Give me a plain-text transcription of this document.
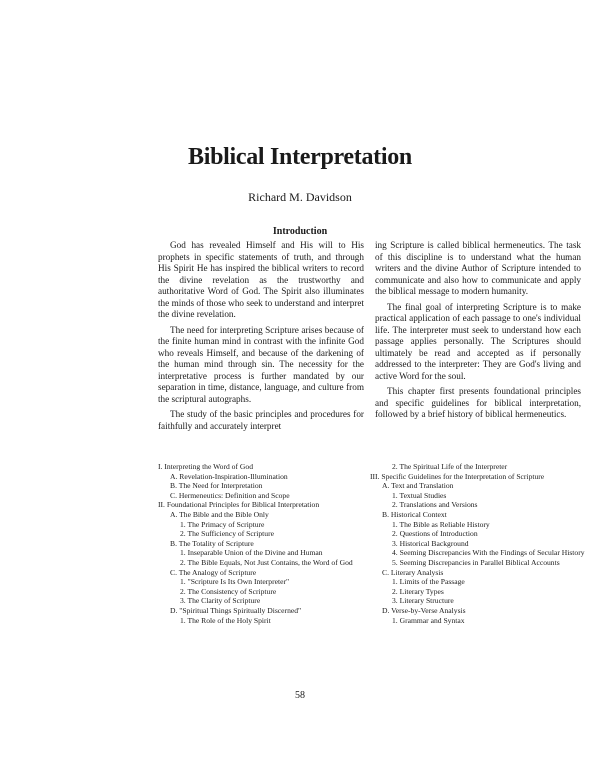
Biblical Interpretation
Richard M. Davidson
Introduction

God has revealed Himself and His will to His prophets in specific statements of truth, and through His Spirit He has inspired the biblical writers to record the divine revelation as the trustworthy and authoritative Word of God. The Spirit also illuminates the minds of those who seek to understand and interpret the divine revelation.

The need for interpreting Scripture arises because of the finite human mind in contrast with the infinite God who reveals Himself, and because of the darkening of the human mind through sin. The necessity for the interpretative process is further mandated by our separation in time, distance, language, and culture from the scriptural autographs.

The study of the basic principles and procedures for faithfully and accurately interpret

ing Scripture is called biblical hermeneutics. The task of this discipline is to understand what the human writers and the divine Author of Scripture intended to communicate and also how to communicate and apply the biblical message to modern humanity.

The final goal of interpreting Scripture is to make practical application of each passage to one's individual life. The interpreter must seek to understand how each passage applies personally. The Scriptures should ultimately be read and accepted as if personally addressed to the interpreter: They are God's living and active Word for the soul.

This chapter first presents foundational principles and specific guidelines for biblical interpretation, followed by a brief history of biblical hermeneutics.

I. Interpreting the Word of God
A. Revelation-Inspiration-Illumination
B. The Need for Interpretation
C. Hermeneutics: Definition and Scope
II. Foundational Principles for Biblical Interpretation
A. The Bible and the Bible Only
1. The Primacy of Scripture
2. The Sufficiency of Scripture
B. The Totality of Scripture
1. Inseparable Union of the Divine and Human
2. The Bible Equals, Not Just Contains, the Word of God
C. The Analogy of Scripture
1. "Scripture Is Its Own Interpreter"
2. The Consistency of Scripture
3. The Clarity of Scripture
D. "Spiritual Things Spiritually Discerned"
1. The Role of the Holy Spirit
2. The Spiritual Life of the Interpreter
III. Specific Guidelines for the Interpretation of Scripture
A. Text and Translation
1. Textual Studies
2. Translations and Versions
B. Historical Context
1. The Bible as Reliable History
2. Questions of Introduction
3. Historical Background
4. Seeming Discrepancies With the Findings of Secular History
5. Seeming Discrepancies in Parallel Biblical Accounts
C. Literary Analysis
1. Limits of the Passage
2. Literary Types
3. Literary Structure
D. Verse-by-Verse Analysis
1. Grammar and Syntax
58
